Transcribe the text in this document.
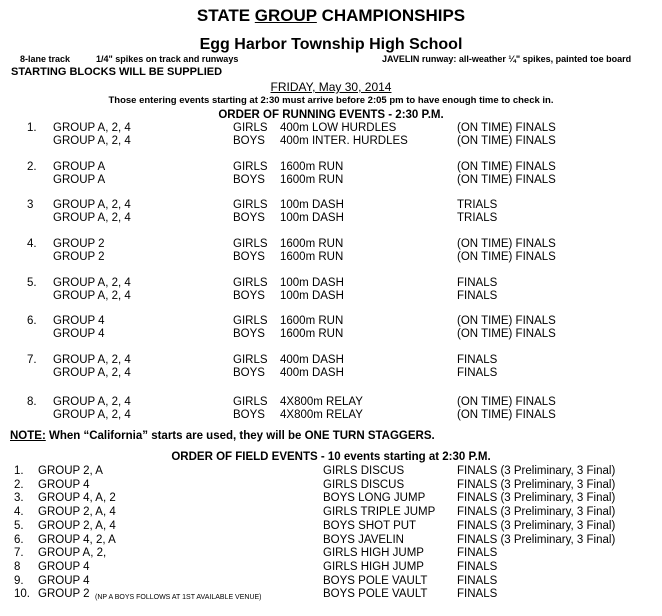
STATE GROUP CHAMPIONSHIPS
Egg Harbor Township High School
8-lane track	1/4" spikes on track and runways	JAVELIN runway: all-weather ¼" spikes, painted toe board
STARTING BLOCKS WILL BE SUPPLIED
FRIDAY, May 30, 2014
Those entering events starting at 2:30 must arrive before 2:05 pm to have enough time to check in.
ORDER OF RUNNING EVENTS - 2:30 P.M.
1. GROUP A, 2, 4	GIRLS 400m LOW HURDLES	(ON TIME) FINALS
GROUP A, 2, 4	BOYS 400m INTER. HURDLES	(ON TIME) FINALS
2. GROUP A	GIRLS 1600m RUN	(ON TIME) FINALS
GROUP A	BOYS 1600m RUN	(ON TIME) FINALS
3 GROUP A, 2, 4	GIRLS 100m DASH	TRIALS
GROUP A, 2, 4	BOYS 100m DASH	TRIALS
4. GROUP 2	GIRLS 1600m RUN	(ON TIME) FINALS
GROUP 2	BOYS 1600m RUN	(ON TIME) FINALS
5. GROUP A, 2, 4	GIRLS 100m DASH	FINALS
GROUP A, 2, 4	BOYS 100m DASH	FINALS
6. GROUP 4	GIRLS 1600m RUN	(ON TIME) FINALS
GROUP 4	BOYS 1600m RUN	(ON TIME) FINALS
7. GROUP A, 2, 4	GIRLS 400m DASH	FINALS
GROUP A, 2, 4	BOYS 400m DASH	FINALS
8. GROUP A, 2, 4	GIRLS 4X800m RELAY	(ON TIME) FINALS
GROUP A, 2, 4	BOYS 4X800m RELAY	(ON TIME) FINALS
NOTE: When “California” starts are used, they will be ONE TURN STAGGERS.
ORDER OF FIELD EVENTS - 10 events starting at 2:30 P.M.
1. GROUP 2, A	GIRLS DISCUS	FINALS (3 Preliminary, 3 Final)
2. GROUP 4	GIRLS DISCUS	FINALS (3 Preliminary, 3 Final)
3. GROUP 4, A, 2	BOYS LONG JUMP	FINALS (3 Preliminary, 3 Final)
4. GROUP 2, A, 4	GIRLS TRIPLE JUMP FINALS (3 Preliminary, 3 Final)
5. GROUP 2, A, 4	BOYS SHOT PUT	FINALS (3 Preliminary, 3 Final)
6. GROUP 4, 2, A	BOYS JAVELIN	FINALS (3 Preliminary, 3 Final)
7. GROUP A, 2,	GIRLS HIGH JUMP	FINALS
8 GROUP 4	GIRLS HIGH JUMP	FINALS
9. GROUP 4	BOYS POLE VAULT	FINALS
10. GROUP 2 (NP A BOYS FOLLOWS AT 1ST AVAILABLE VENUE)	BOYS POLE VAULT	FINALS
